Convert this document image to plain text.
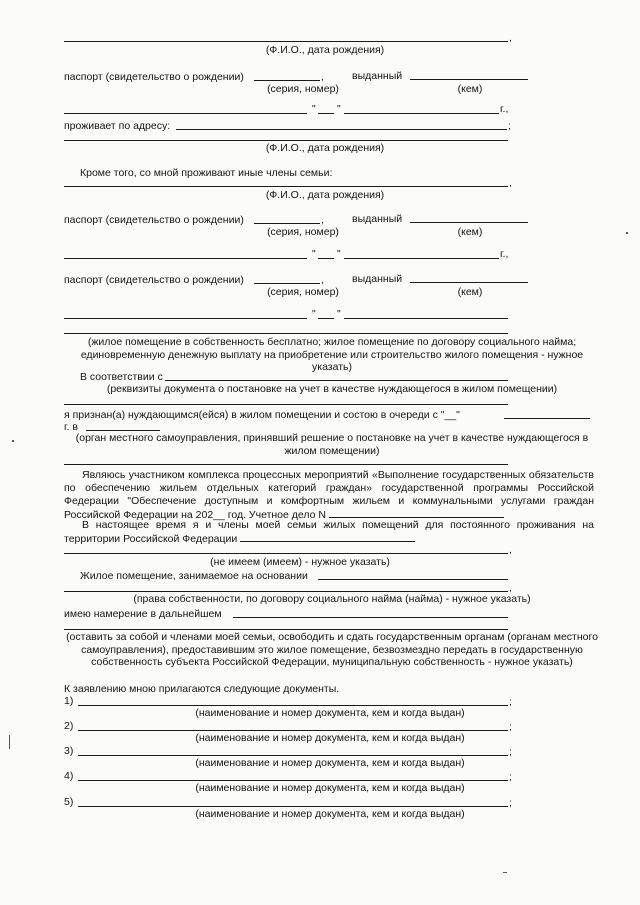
,
(Ф.И.О., дата рождения)
паспорт (свидетельство о рождении)	,	выданный
(серия, номер)	(кем)
" "	г.,
проживает по адресу:	;
(Ф.И.О., дата рождения)
Кроме того, со мной проживают иные члены семьи:
,
(Ф.И.О., дата рождения)
паспорт (свидетельство о рождении)	,	выданный
(серия, номер)	(кем)
" "	г.,
паспорт (свидетельство о рождении)	,	выданный
(серия, номер)	(кем)
" "
(жилое помещение в собственность бесплатно; жилое помещение по договору социального найма; единовременную денежную выплату на приобретение или строительство жилого помещения - нужное указать)
В соответствии с
(реквизиты документа о постановке на учет в качестве нуждающегося в жилом помещении)
я признан(а) нуждающимся(ейся) в жилом помещении и состою в очереди с "__"
г. в
(орган местного самоуправления, принявший решение о постановке на учет в качестве нуждающегося в жилом помещении)
Являюсь участником комплекса процессных мероприятий «Выполнение государственных обязательств по обеспечению жильем отдельных категорий граждан» государственной программы Российской Федерации "Обеспечение доступным и комфортным жильем и коммунальными услугами граждан Российской Федерации на 202__ год. Учетное дело N
В настоящее время я и члены моей семьи жилых помещений для постоянного проживания на территории Российской Федерации
,
(не имеем (имеем) - нужное указать)
Жилое помещение, занимаемое на основании
,
(права собственности, по договору социального найма (найма) - нужное указать)
имею намерение в дальнейшем
(оставить за собой и членами моей семьи, освободить и сдать государственным органам (органам местного самоуправления), предоставившим это жилое помещение, безвозмездно передать в государственную собственность субъекта Российской Федерации, муниципальную собственность - нужное указать)
К заявлению мною прилагаются следующие документы.
1)	;
(наименование и номер документа, кем и когда выдан)
2)	;
(наименование и номер документа, кем и когда выдан)
3)	;
(наименование и номер документа, кем и когда выдан)
4)	;
(наименование и номер документа, кем и когда выдан)
5)	;
(наименование и номер документа, кем и когда выдан)
